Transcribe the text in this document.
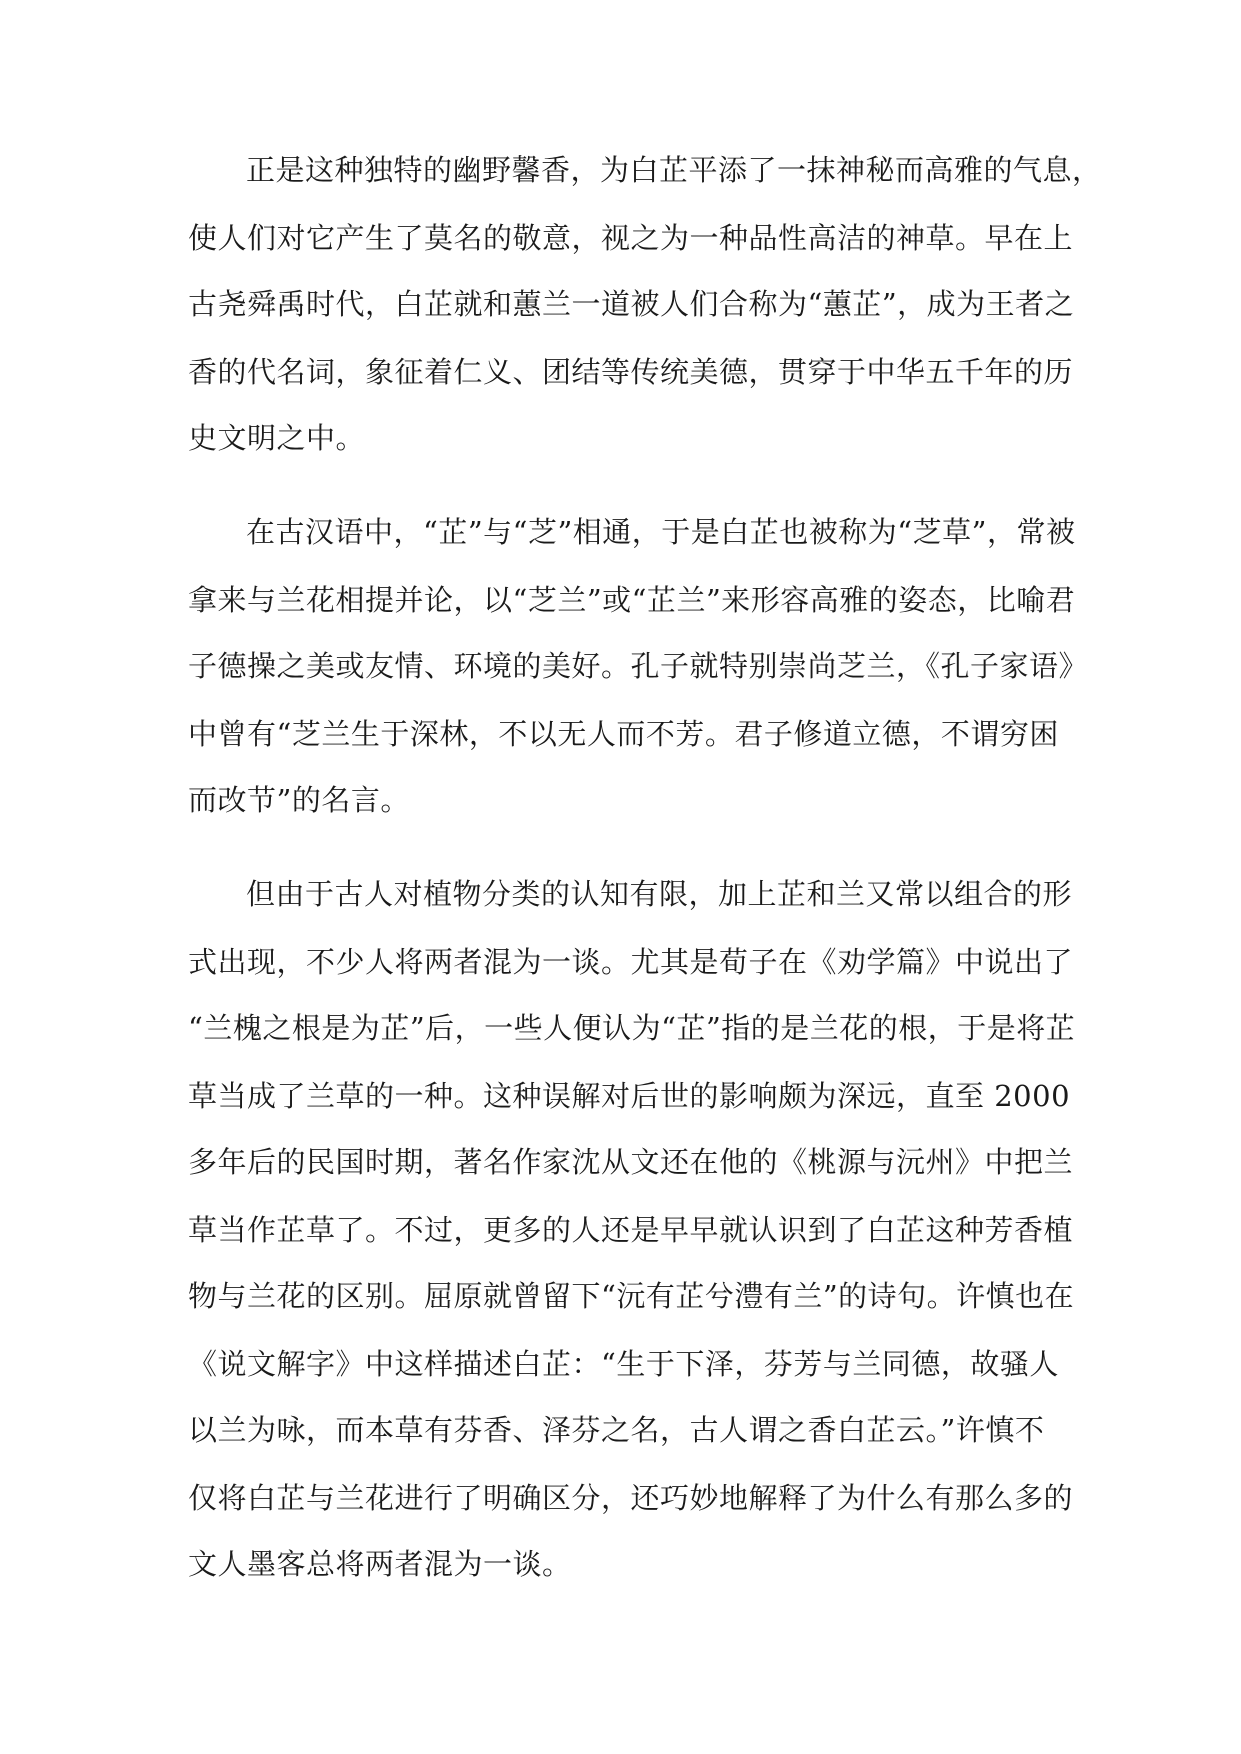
正是这种独特的幽野馨香，为白芷平添了一抹神秘而高雅的气息，
使人们对它产生了莫名的敬意，视之为一种品性高洁的神草。早在上
古尧舜禹时代，白芷就和蕙兰一道被人们合称为“蕙芷”，成为王者之
香的代名词，象征着仁义、团结等传统美德，贯穿于中华五千年的历
史文明之中。
在古汉语中，“芷”与“芝”相通，于是白芷也被称为“芝草”，常被
拿来与兰花相提并论，以“芝兰”或“芷兰”来形容高雅的姿态，比喻君
子德操之美或友情、环境的美好。孔子就特别崇尚芝兰，《孔子家语》
中曾有“芝兰生于深林，不以无人而不芳。君子修道立德，不谓穷困
而改节”的名言。
但由于古人对植物分类的认知有限，加上芷和兰又常以组合的形
式出现，不少人将两者混为一谈。尤其是荀子在《劝学篇》中说出了
“兰槐之根是为芷”后，一些人便认为“芷”指的是兰花的根，于是将芷
草当成了兰草的一种。这种误解对后世的影响颇为深远，直至 2000
多年后的民国时期，著名作家沈从文还在他的《桃源与沅州》中把兰
草当作芷草了。不过，更多的人还是早早就认识到了白芷这种芳香植
物与兰花的区别。屈原就曾留下“沅有芷兮澧有兰”的诗句。许慎也在
《说文解字》中这样描述白芷：“生于下泽，芬芳与兰同德，故骚人
以兰为咏，而本草有芬香、泽芬之名，古人谓之香白芷云。”许慎不
仅将白芷与兰花进行了明确区分，还巧妙地解释了为什么有那么多的
文人墨客总将两者混为一谈。
